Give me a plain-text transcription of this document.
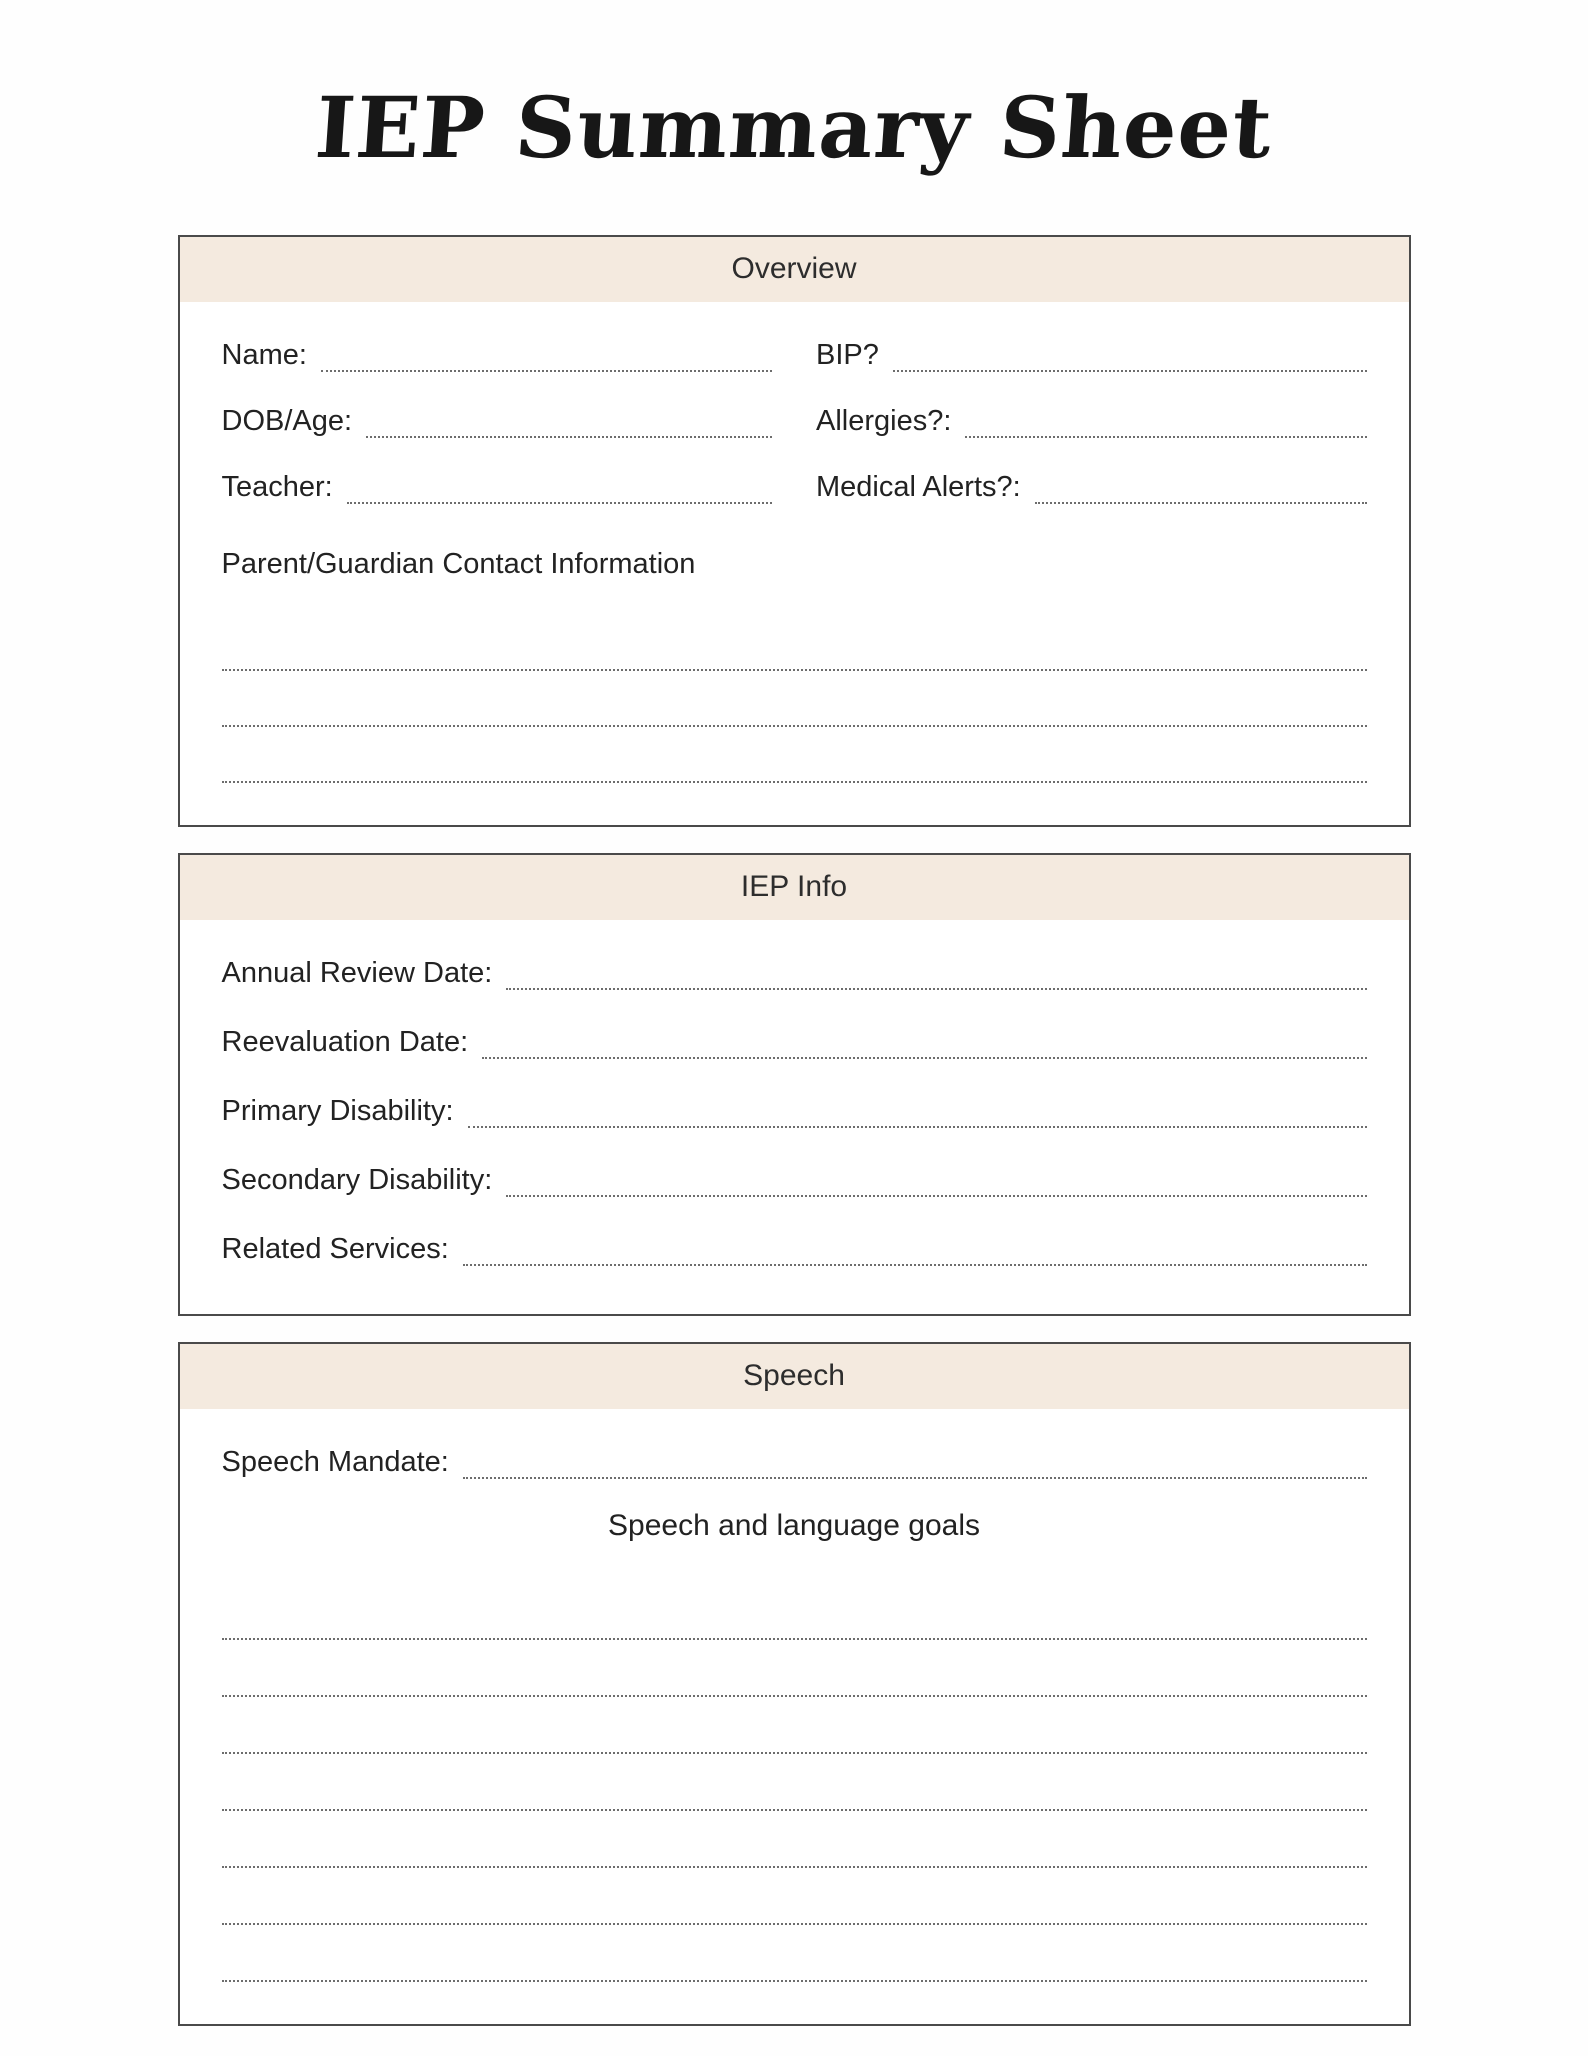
IEP Summary Sheet
Overview
Name:
DOB/Age:
Teacher:
BIP?
Allergies?:
Medical Alerts?:
Parent/Guardian Contact Information
IEP Info
Annual Review Date:
Reevaluation Date:
Primary Disability:
Secondary Disability:
Related Services:
Speech
Speech Mandate:
Speech and language goals
